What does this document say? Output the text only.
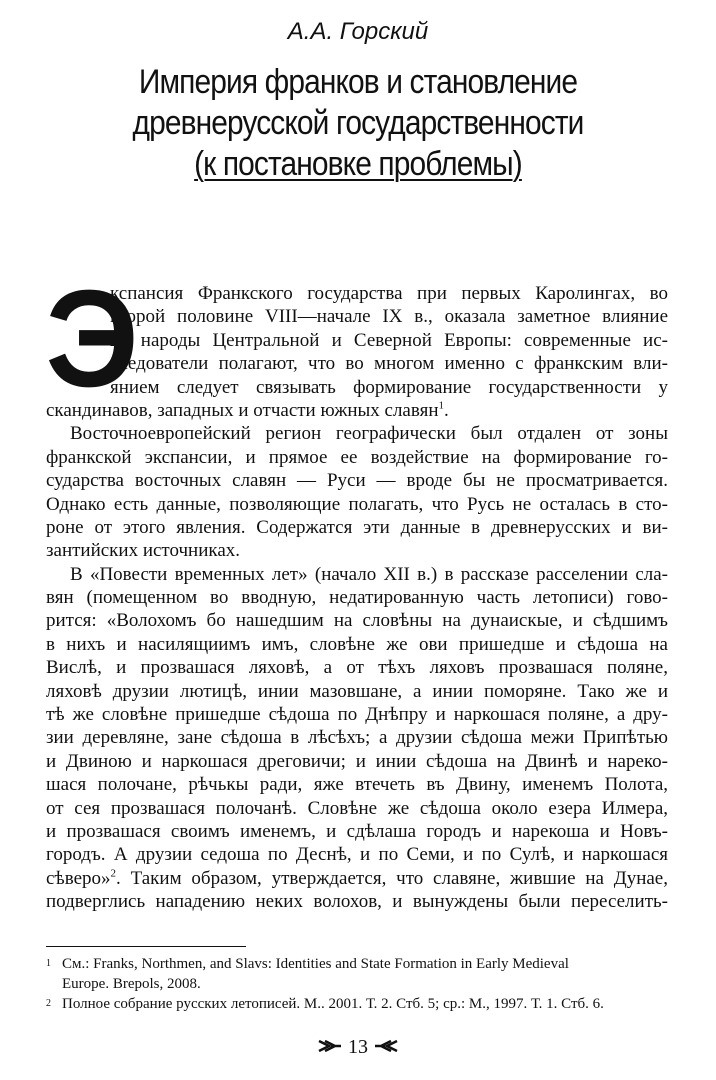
А.А. Горский
Империя франков и становление
древнерусской государственности
(к постановке проблемы)
Э
кспансия Франкского государства при первых Каролингах, во
второй половине VIII—начале IX в., оказала заметное влияние
на народы Центральной и Северной Европы: современные ис-
следователи полагают, что во многом именно с франкским вли-
янием следует связывать формирование государственности у
скандинавов, западных и отчасти южных славян$^1$.
Восточноевропейский регион географически был отдален от зоны
франкской экспансии, и прямое ее воздействие на формирование го-
сударства восточных славян — Руси — вроде бы не просматривается.
Однако есть данные, позволяющие полагать, что Русь не осталась в сто-
роне от этого явления. Содержатся эти данные в древнерусских и ви-
зантийских источниках.
В «Повести временных лет» (начало XII в.) в рассказе расселении сла-
вян (помещенном во вводную, недатированную часть летописи) гово-
рится: «Волохомъ бо нашедшим на словѣны на дунаискые, и сѣдшимъ
в нихъ и насилящиимъ имъ, словѣне же ови пришедше и сѣдоша на
Вислѣ, и прозвашася ляховѣ, а от тѣхъ ляховъ прозвашася поляне,
ляховѣ друзии лютицѣ, инии мазовшане, а инии поморяне. Тако же и
тѣ же словѣне пришедше сѣдоша по Днѣпру и наркошася поляне, а дру-
зии деревляне, зане сѣдоша в лѣсѣхъ; а друзии сѣдоша межи Припѣтью
и Двиною и наркошася дреговичи; и инии сѣдоша на Двинѣ и нареко-
шася полочане, рѣчькы ради, яже втечеть въ Двину, именемъ Полота,
от сея прозвашася полочанѣ. Словѣне же сѣдоша около езера Илмера,
и прозвашася своимъ именемъ, и сдѣлаша городъ и нарекоша и Новъ-
городъ. А друзии седоша по Деснѣ, и по Семи, и по Сулѣ, и наркошася
сѣверо»$^2$. Таким образом, утверждается, что славяне, жившие на Дунае,
подверглись нападению неких волохов, и вынуждены были переселить-
1 См.: Franks, Northmen, and Slavs: Identities and State Formation in Early Medieval
Europe. Brepols, 2008.
2 Полное собрание русских летописей. М.. 2001. Т. 2. Стб. 5; ср.: М., 1997. Т. 1. Стб. 6.
13
